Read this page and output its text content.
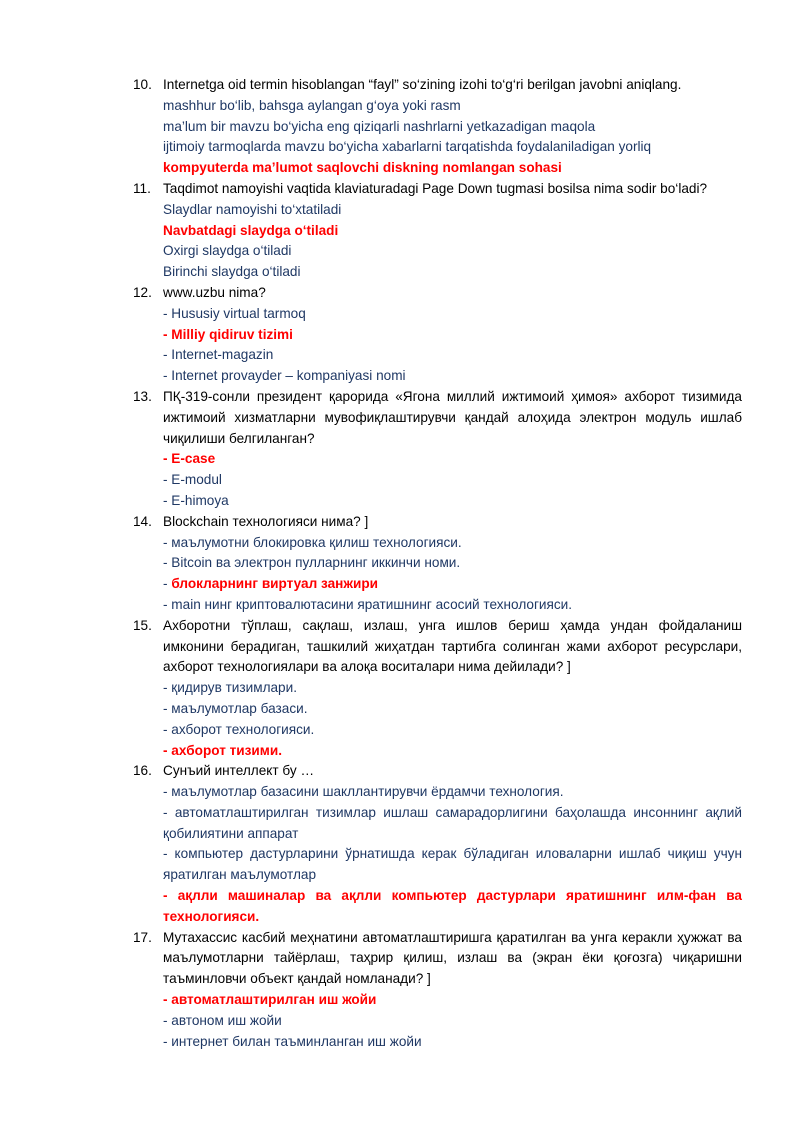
10. Internetga oid termin hisoblangan “fayl” so‘zining izohi to‘g‘ri berilgan javobni aniqlang.
mashhur bo‘lib, bahsga aylangan g‘oya yoki rasm
ma’lum bir mavzu bo‘yicha eng qiziqarli nashrlarni yetkazadigan maqola
ijtimoiy tarmoqlarda mavzu bo‘yicha xabarlarni tarqatishda foydalaniladigan yorliq
kompyuterda ma’lumot saqlovchi diskning nomlangan sohasi
11. Taqdimot namoyishi vaqtida klaviaturadagi Page Down tugmasi bosilsa nima sodir bo‘ladi?
Slaydlar namoyishi to‘xtatiladi
Navbatdagi slaydga o‘tiladi
Oxirgi slaydga o‘tiladi
Birinchi slaydga o‘tiladi
12. www.uzbu nima?
- Hususiy virtual tarmoq
- Milliy qidiruv tizimi
- Internet-magazin
- Internet provayder – kompaniyasi nomi
13. ПҚ-319-сонли президент қарорида «Ягона миллий ижтимоий ҳимоя» ахборот тизимида ижтимоий хизматларни мувофиқлаштирувчи қандай алоҳида электрон модуль ишлаб чиқилиши белгиланган?
- E-case
- E-modul
- E-himoya
14. Blockchain технологияси нима? ]
- маълумотни блокировка қилиш технологияси.
- Bitcoin ва электрон пулларнинг иккинчи номи.
- блокларнинг виртуал занжири
- main нинг криптовалютасини яратишнинг асосий технологияси.
15. Ахборотни тўплаш, сақлаш, излаш, унга ишлов бериш ҳамда ундан фойдаланиш имконини берадиган, ташкилий жиҳатдан тартибга солинган жами ахборот ресурслари, ахборот технологиялари ва алоқа воситалари нима дейилади? ]
- қидирув тизимлари.
- маълумотлар базаси.
- ахборот технологияси.
- ахборот тизими.
16. Сунъий интеллект бу …
- маълумотлар базасини шакллантирувчи ёрдамчи технология.
- автоматлаштирилган тизимлар ишлаш самарадорлигини баҳолашда инсоннинг ақлий қобилиятини аппарат
- компьютер дастурларини ўрнатишда керак бўладиган иловаларни ишлаб чиқиш учун яратилган маълумотлар
- ақлли машиналар ва ақлли компьютер дастурлари яратишнинг илм-фан ва технологияси.
17. Мутахассис касбий меҳнатини автоматлаштиришга қаратилган ва унга керакли ҳужжат ва маълумотларни тайёрлаш, таҳрир қилиш, излаш ва (экран ёки қоғозга) чиқаришни таъминловчи объект қандай номланади? ]
- автоматлаштирилган иш жойи
- автоном иш жойи
- интернет билан таъминланган иш жойи
